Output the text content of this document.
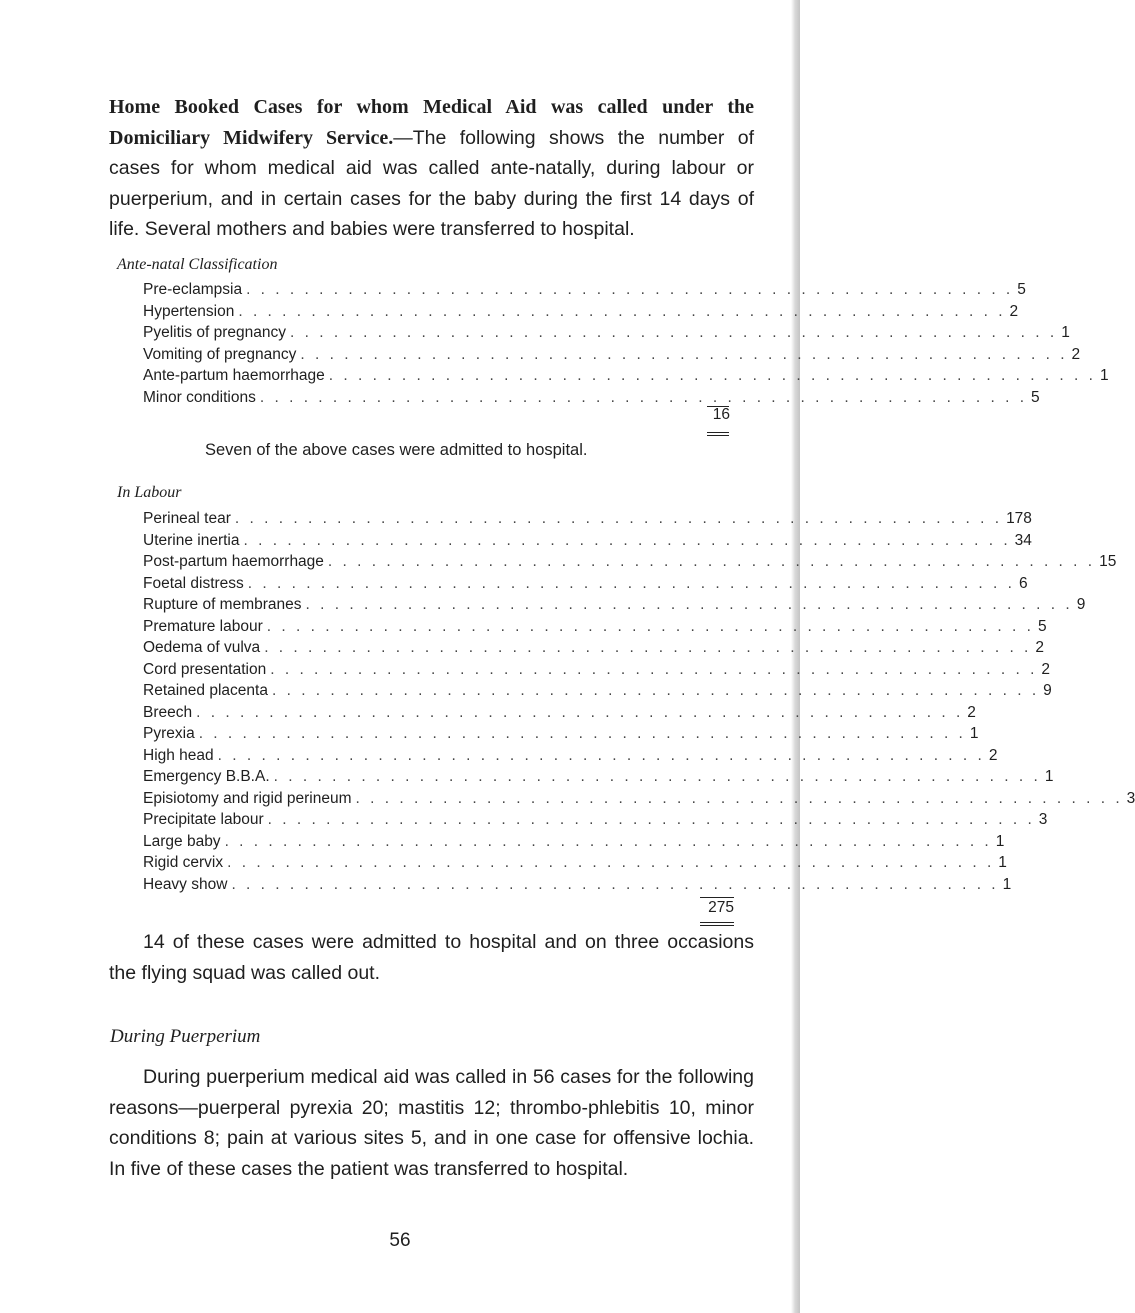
Home Booked Cases for whom Medical Aid was called under the Domiciliary Midwifery Service.—The following shows the number of cases for whom medical aid was called ante-natally, during labour or puerperium, and in certain cases for the baby during the first 14 days of life. Several mothers and babies were transferred to hospital.

Ante-natal Classification

Pre-eclampsia . . . . . . . . . . . . . . . . . . . . . . . . . . . . . . . . . . . . . . . . . . . . . . . . . . . . . 5
Hypertension . . . . . . . . . . . . . . . . . . . . . . . . . . . . . . . . . . . . . . . . . . . . . . . . . . . . . 2
Pyelitis of pregnancy . . . . . . . . . . . . . . . . . . . . . . . . . . . . . . . . . . . . . . . . . . . . . . . . . . . . . 1
Vomiting of pregnancy . . . . . . . . . . . . . . . . . . . . . . . . . . . . . . . . . . . . . . . . . . . . . . . . . . . . . 2
Ante-partum haemorrhage . . . . . . . . . . . . . . . . . . . . . . . . . . . . . . . . . . . . . . . . . . . . . . . . . . . . . 1
Minor conditions . . . . . . . . . . . . . . . . . . . . . . . . . . . . . . . . . . . . . . . . . . . . . . . . . . . . . 5
16

Seven of the above cases were admitted to hospital.

In Labour

Perineal tear . . . . . . . . . . . . . . . . . . . . . . . . . . . . . . . . . . . . . . . . . . . . . . . . . . . . . 178
Uterine inertia . . . . . . . . . . . . . . . . . . . . . . . . . . . . . . . . . . . . . . . . . . . . . . . . . . . . . 34
Post-partum haemorrhage . . . . . . . . . . . . . . . . . . . . . . . . . . . . . . . . . . . . . . . . . . . . . . . . . . . . . 15
Foetal distress . . . . . . . . . . . . . . . . . . . . . . . . . . . . . . . . . . . . . . . . . . . . . . . . . . . . . 6
Rupture of membranes . . . . . . . . . . . . . . . . . . . . . . . . . . . . . . . . . . . . . . . . . . . . . . . . . . . . . 9
Premature labour . . . . . . . . . . . . . . . . . . . . . . . . . . . . . . . . . . . . . . . . . . . . . . . . . . . . . 5
Oedema of vulva . . . . . . . . . . . . . . . . . . . . . . . . . . . . . . . . . . . . . . . . . . . . . . . . . . . . . 2
Cord presentation . . . . . . . . . . . . . . . . . . . . . . . . . . . . . . . . . . . . . . . . . . . . . . . . . . . . . 2
Retained placenta . . . . . . . . . . . . . . . . . . . . . . . . . . . . . . . . . . . . . . . . . . . . . . . . . . . . . 9
Breech . . . . . . . . . . . . . . . . . . . . . . . . . . . . . . . . . . . . . . . . . . . . . . . . . . . . . 2
Pyrexia . . . . . . . . . . . . . . . . . . . . . . . . . . . . . . . . . . . . . . . . . . . . . . . . . . . . . 1
High head . . . . . . . . . . . . . . . . . . . . . . . . . . . . . . . . . . . . . . . . . . . . . . . . . . . . . 2
Emergency B.B.A. . . . . . . . . . . . . . . . . . . . . . . . . . . . . . . . . . . . . . . . . . . . . . . . . . . . . . 1
Episiotomy and rigid perineum . . . . . . . . . . . . . . . . . . . . . . . . . . . . . . . . . . . . . . . . . . . . . . . . . . . . . 3
Precipitate labour . . . . . . . . . . . . . . . . . . . . . . . . . . . . . . . . . . . . . . . . . . . . . . . . . . . . . 3
Large baby . . . . . . . . . . . . . . . . . . . . . . . . . . . . . . . . . . . . . . . . . . . . . . . . . . . . . 1
Rigid cervix . . . . . . . . . . . . . . . . . . . . . . . . . . . . . . . . . . . . . . . . . . . . . . . . . . . . . 1
Heavy show . . . . . . . . . . . . . . . . . . . . . . . . . . . . . . . . . . . . . . . . . . . . . . . . . . . . . 1
275

14 of these cases were admitted to hospital and on three occasions the flying squad was called out.

During Puerperium

During puerperium medical aid was called in 56 cases for the following reasons—puerperal pyrexia 20; mastitis 12; thrombo-phlebitis 10, minor conditions 8; pain at various sites 5, and in one case for offensive lochia. In five of these cases the patient was transferred to hospital.

56
